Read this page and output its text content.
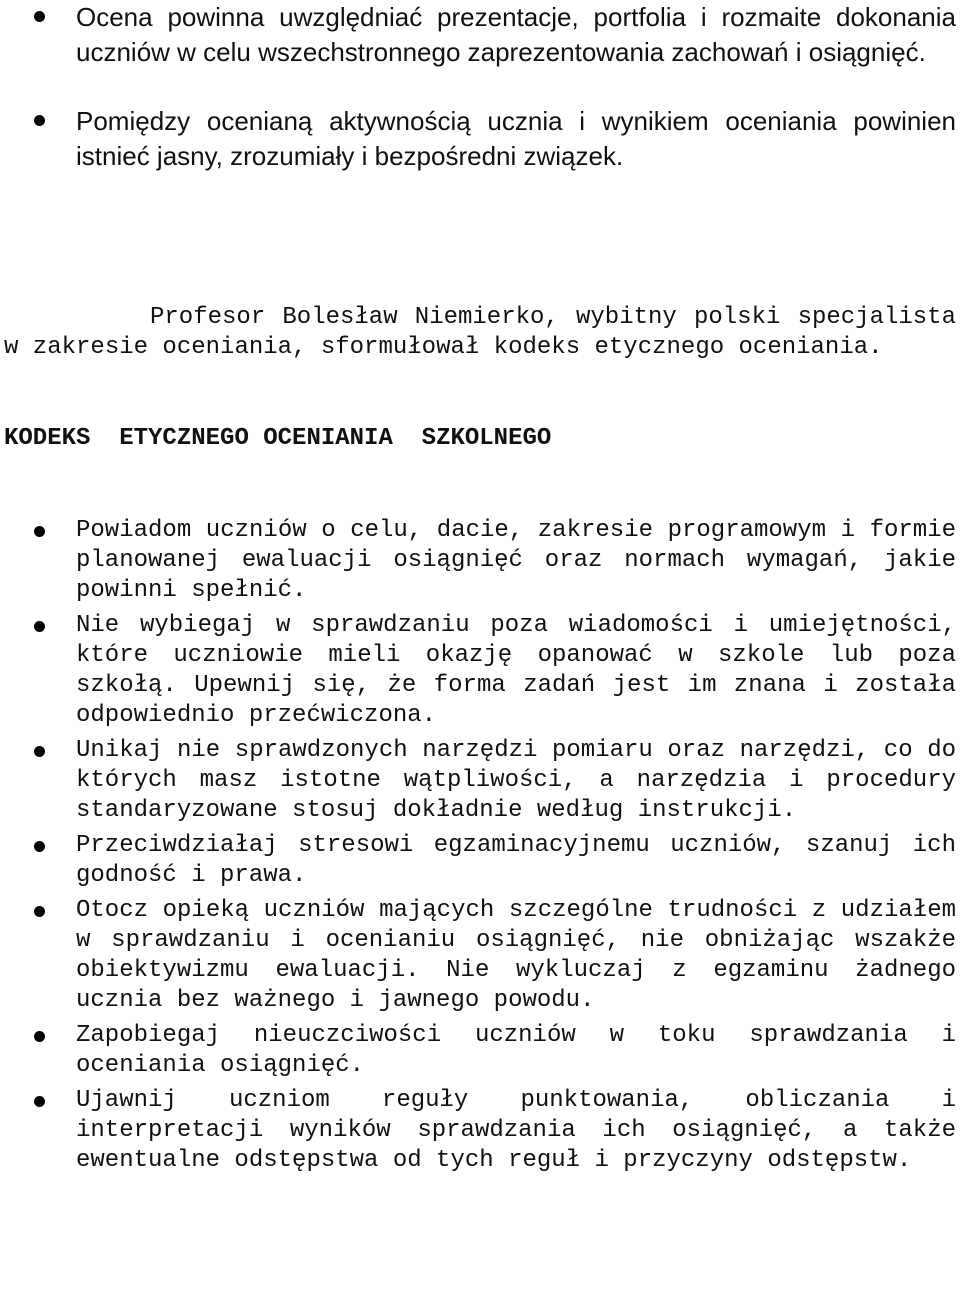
Ocena powinna uwzględniać prezentacje, portfolia i rozmaite dokonania uczniów w celu wszechstronnego zaprezentowania zachowań i osiągnięć.
Pomiędzy ocenianą aktywnością ucznia i wynikiem oceniania powinien istnieć jasny, zrozumiały i bezpośredni związek.

Profesor Bolesław Niemierko, wybitny polski specjalista w zakresie oceniania, sformułował kodeks etycznego oceniania.

KODEKS  ETYCZNEGO OCENIANIA  SZKOLNEGO
Powiadom uczniów o celu, dacie, zakresie programowym i formie planowanej ewaluacji osiągnięć oraz normach wymagań, jakie powinni spełnić.
Nie wybiegaj w sprawdzaniu poza wiadomości i umiejętności, które uczniowie mieli okazję opanować w szkole lub poza szkołą. Upewnij się, że forma zadań jest im znana i została odpowiednio przećwiczona.
Unikaj nie sprawdzonych narzędzi pomiaru oraz narzędzi, co do których masz istotne wątpliwości, a narzędzia i procedury standaryzowane stosuj dokładnie według instrukcji.
Przeciwdziałaj stresowi egzaminacyjnemu uczniów, szanuj ich godność i prawa.
Otocz opieką uczniów mających szczególne trudności z udziałem w sprawdzaniu i ocenianiu osiągnięć, nie obniżając wszakże obiektywizmu ewaluacji. Nie wykluczaj z egzaminu żadnego ucznia bez ważnego i jawnego powodu.
Zapobiegaj nieuczciwości uczniów w toku sprawdzania i oceniania osiągnięć.
Ujawnij uczniom reguły punktowania, obliczania i interpretacji wyników sprawdzania ich osiągnięć, a także ewentualne odstępstwa od tych reguł i przyczyny odstępstw.
